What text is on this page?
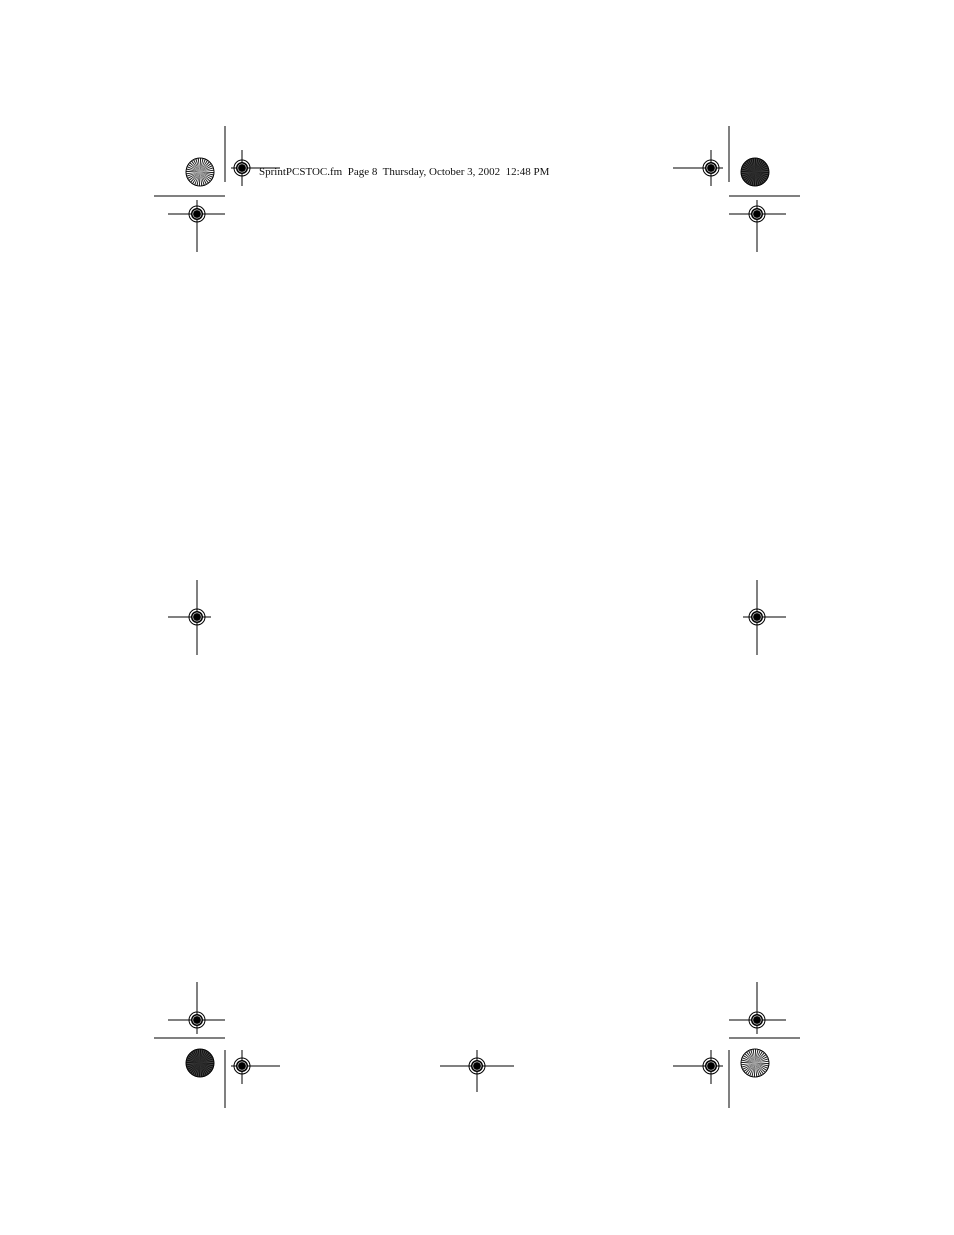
SprintPCSTOC.fm  Page 8  Thursday, October 3, 2002  12:48 PM
